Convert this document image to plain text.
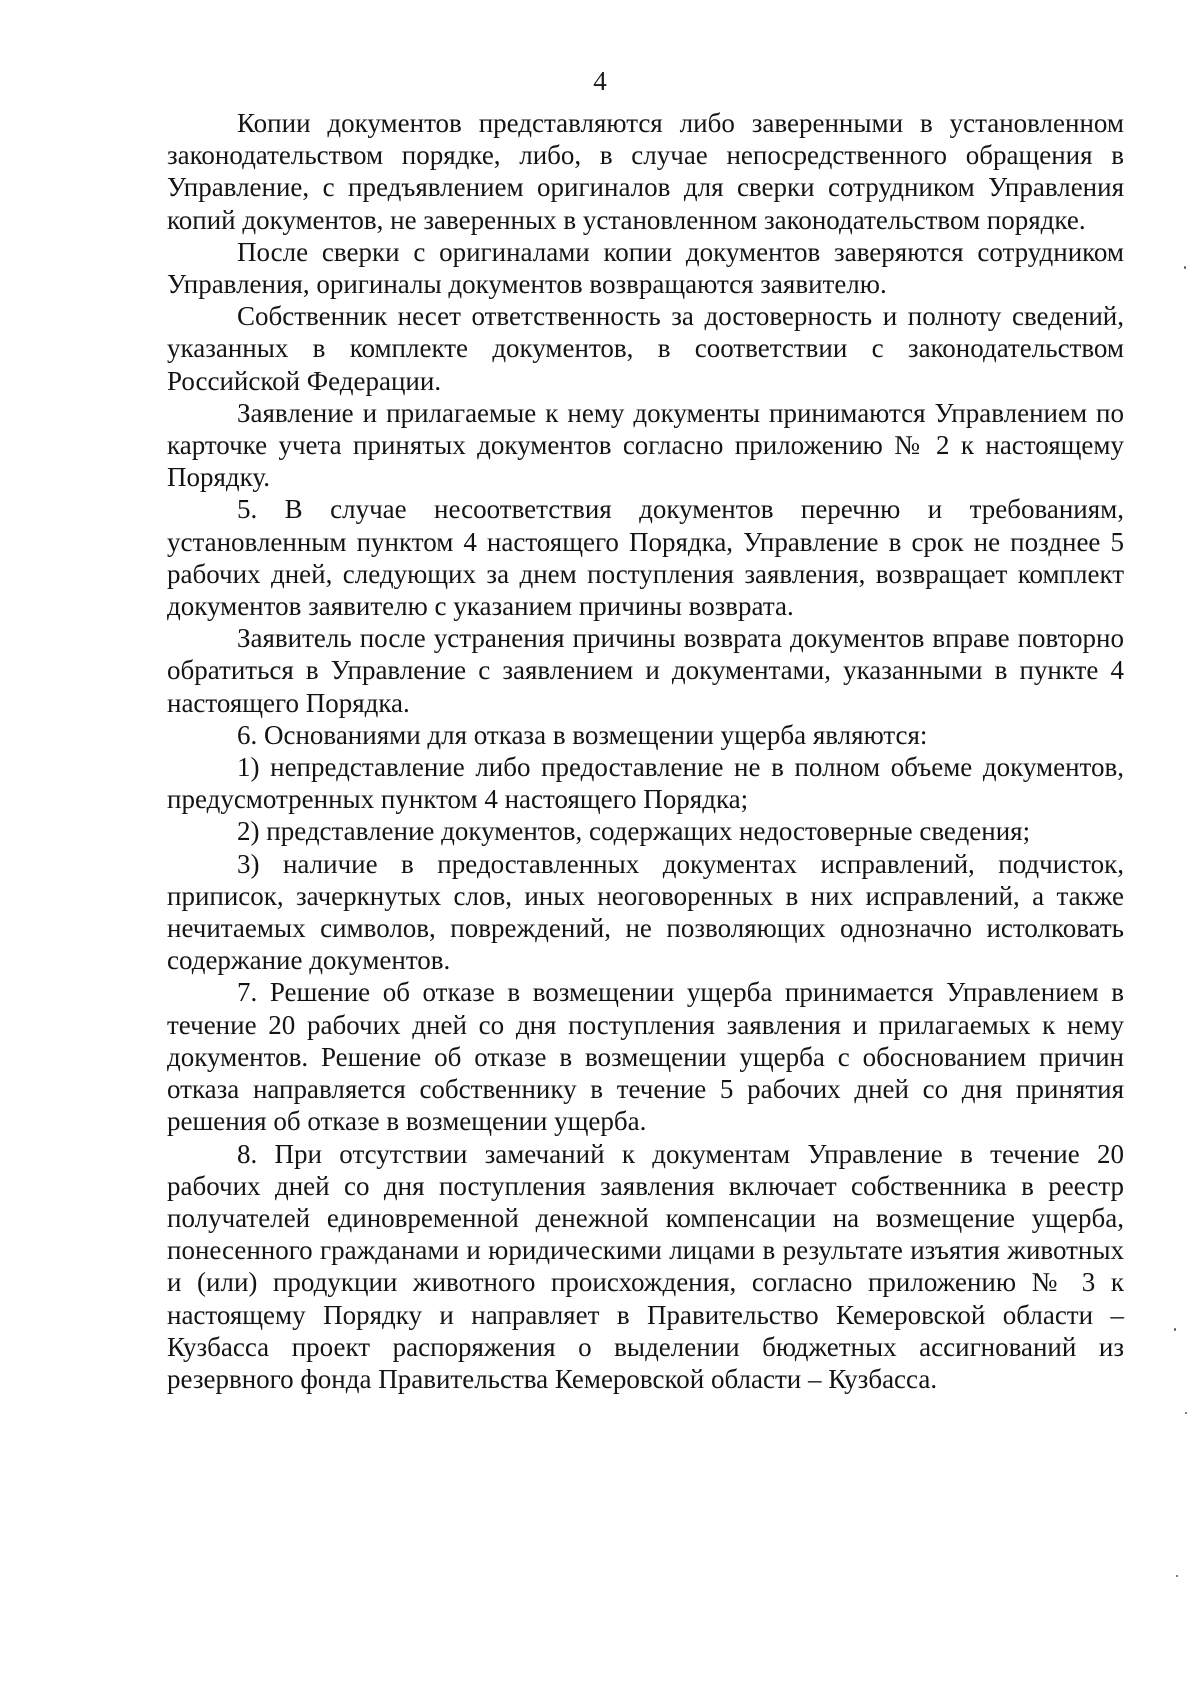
4

Копии документов представляются либо заверенными в установленном законодательством порядке, либо, в случае непосредственного обращения в Управление, с предъявлением оригиналов для сверки сотрудником Управления копий документов, не заверенных в установленном законодательством порядке.

После сверки с оригиналами копии документов заверяются сотрудником Управления, оригиналы документов возвращаются заявителю.

Собственник несет ответственность за достоверность и полноту сведений, указанных в комплекте документов, в соответствии с законодательством Российской Федерации.

Заявление и прилагаемые к нему документы принимаются Управлением по карточке учета принятых документов согласно приложению № 2 к настоящему Порядку.

5. В случае несоответствия документов перечню и требованиям, установленным пунктом 4 настоящего Порядка, Управление в срок не позднее 5 рабочих дней, следующих за днем поступления заявления, возвращает комплект документов заявителю с указанием причины возврата.

Заявитель после устранения причины возврата документов вправе повторно обратиться в Управление с заявлением и документами, указанными в пункте 4 настоящего Порядка.

6. Основаниями для отказа в возмещении ущерба являются:

1) непредставление либо предоставление не в полном объеме документов, предусмотренных пунктом 4 настоящего Порядка;

2) представление документов, содержащих недостоверные сведения;

3) наличие в предоставленных документах исправлений, подчисток, приписок, зачеркнутых слов, иных неоговоренных в них исправлений, а также нечитаемых символов, повреждений, не позволяющих однозначно истолковать содержание документов.

7. Решение об отказе в возмещении ущерба принимается Управлением в течение 20 рабочих дней со дня поступления заявления и прилагаемых к нему документов. Решение об отказе в возмещении ущерба с обоснованием причин отказа направляется собственнику в течение 5 рабочих дней со дня принятия решения об отказе в возмещении ущерба.

8. При отсутствии замечаний к документам Управление в течение 20 рабочих дней со дня поступления заявления включает собственника в реестр получателей единовременной денежной компенсации на возмещение ущерба, понесенного гражданами и юридическими лицами в результате изъятия животных и (или) продукции животного происхождения, согласно приложению № 3 к настоящему Порядку и направляет в Правительство Кемеровской области – Кузбасса проект распоряжения о выделении бюджетных ассигнований из резервного фонда Правительства Кемеровской области – Кузбасса.
